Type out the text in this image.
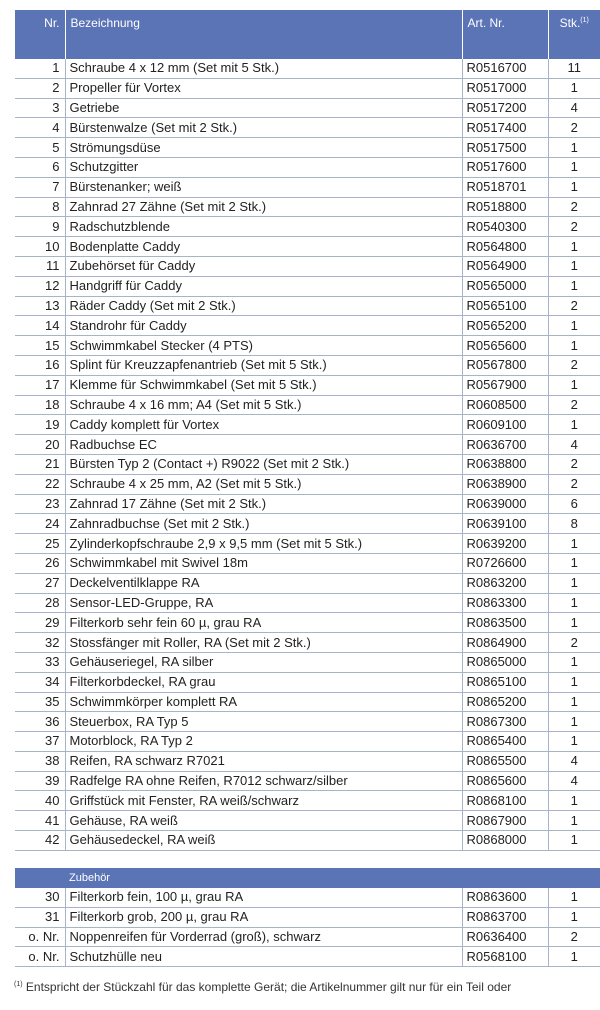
Nr.	Bezeichnung	Art. Nr.	Stk.$^{(1)}$
1	Schraube 4 x 12 mm (Set mit 5 Stk.)	R0516700	11
2	Propeller für Vortex	R0517000	1
3	Getriebe	R0517200	4
4	Bürstenwalze (Set mit 2 Stk.)	R0517400	2
5	Strömungsdüse	R0517500	1
6	Schutzgitter	R0517600	1
7	Bürstenanker; weiß	R0518701	1
8	Zahnrad 27 Zähne (Set mit 2 Stk.)	R0518800	2
9	Radschutzblende	R0540300	2
10	Bodenplatte Caddy	R0564800	1
11	Zubehörset für Caddy	R0564900	1
12	Handgriff für Caddy	R0565000	1
13	Räder Caddy (Set mit 2 Stk.)	R0565100	2
14	Standrohr für Caddy	R0565200	1
15	Schwimmkabel Stecker (4 PTS)	R0565600	1
16	Splint für Kreuzzapfenantrieb (Set mit 5 Stk.)	R0567800	2
17	Klemme für Schwimmkabel (Set mit 5 Stk.)	R0567900	1
18	Schraube 4 x 16 mm; A4 (Set mit 5 Stk.)	R0608500	2
19	Caddy komplett für Vortex	R0609100	1
20	Radbuchse EC	R0636700	4
21	Bürsten Typ 2 (Contact +) R9022 (Set mit 2 Stk.)	R0638800	2
22	Schraube 4 x 25 mm, A2 (Set mit 5 Stk.)	R0638900	2
23	Zahnrad 17 Zähne (Set mit 2 Stk.)	R0639000	6
24	Zahnradbuchse (Set mit 2 Stk.)	R0639100	8
25	Zylinderkopfschraube 2,9 x 9,5 mm (Set mit 5 Stk.)	R0639200	1
26	Schwimmkabel mit Swivel 18m	R0726600	1
27	Deckelventilklappe RA	R0863200	1
28	Sensor-LED-Gruppe, RA	R0863300	1
29	Filterkorb sehr fein 60 µ, grau RA	R0863500	1
32	Stossfänger mit Roller, RA (Set mit 2 Stk.)	R0864900	2
33	Gehäuseriegel, RA silber	R0865000	1
34	Filterkorbdeckel, RA grau	R0865100	1
35	Schwimmkörper komplett RA	R0865200	1
36	Steuerbox, RA Typ 5	R0867300	1
37	Motorblock, RA Typ 2	R0865400	1
38	Reifen, RA schwarz R7021	R0865500	4
39	Radfelge RA ohne Reifen, R7012 schwarz/silber	R0865600	4
40	Griffstück mit Fenster, RA weiß/schwarz	R0868100	1
41	Gehäuse, RA weiß	R0867900	1
42	Gehäusedeckel, RA weiß	R0868000	1
	Zubehör		
30	Filterkorb fein, 100 µ, grau RA	R0863600	1
31	Filterkorb grob, 200 µ, grau RA	R0863700	1
o. Nr.	Noppenreifen für Vorderrad (groß), schwarz	R0636400	2
o. Nr.	Schutzhülle neu	R0568100	1
$^{(1)}$ Entspricht der Stückzahl für das komplette Gerät; die Artikelnummer gilt nur für ein Teil oder
